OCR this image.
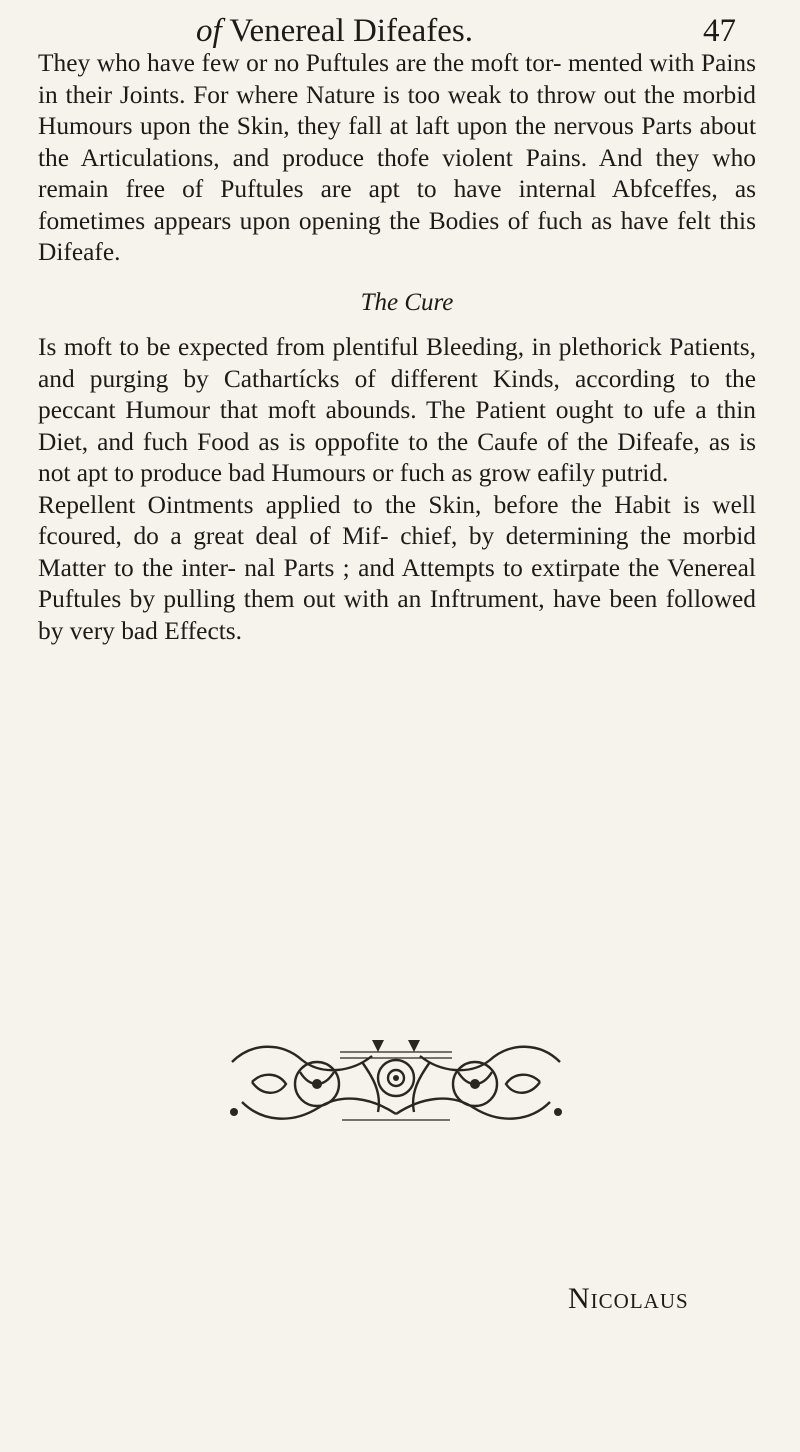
of Venereal Difeafes.	47

They who have few or no Puftules are the moft tor- mented with Pains in their Joints. For where Nature is too weak to throw out the morbid Humours upon the Skin, they fall at laft upon the nervous Parts about the Articulations, and produce thofe violent Pains. And they who remain free of Puftules are apt to have internal Abfceffes, as fometimes appears upon opening the Bodies of fuch as have felt this Difeafe.

The Cure

Is moft to be expected from plentiful Bleeding, in plethorick Patients, and purging by Cathartícks of different Kinds, according to the peccant Humour that moft abounds. The Patient ought to ufe a thin Diet, and fuch Food as is oppofite to the Caufe of the Difeafe, as is not apt to produce bad Humours or fuch as grow eafily putrid.

Repellent Ointments applied to the Skin, before the Habit is well fcoured, do a great deal of Mif- chief, by determining the morbid Matter to the inter- nal Parts ; and Attempts to extirpate the Venereal Puftules by pulling them out with an Inftrument, have been followed by very bad Effects.

Nicolaus
